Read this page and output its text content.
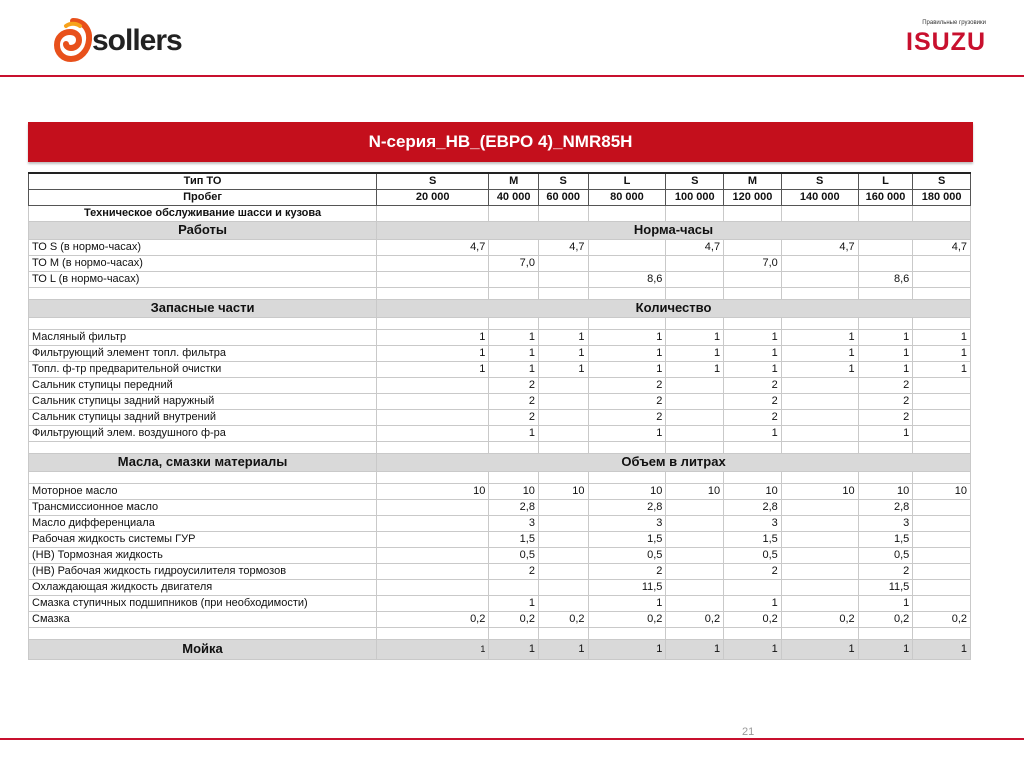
sollers
Правильные грузовики
ISUZU
N-серия_HB_(ЕВРО 4)_NMR85H
Тип ТО	S	M	S	L	S	M	S	L	S
Пробег	20 000	40 000	60 000	80 000	100 000	120 000	140 000	160 000	180 000
Техническое обслуживание шасси и кузова									
Работы	Норма-часы								
ТО S (в нормо-часах)	4,7		4,7		4,7		4,7		4,7
ТО M (в нормо-часах)		7,0				7,0			
ТО L (в нормо-часах)				8,6				8,6	

Запасные части	Количество								

Масляный фильтр	1	1	1	1	1	1	1	1	1
Фильтрующий элемент топл. фильтра	1	1	1	1	1	1	1	1	1
Топл. ф-тр предварительной очистки	1	1	1	1	1	1	1	1	1
Сальник ступицы передний		2		2		2		2	
Сальник ступицы задний наружный		2		2		2		2	
Сальник ступицы задний внутрений		2		2		2		2	
Фильтрующий элем. воздушного ф-ра		1		1		1		1	

Масла, смазки материалы	Объем в литрах								

Моторное масло	10	10	10	10	10	10	10	10	10
Трансмиссионное масло		2,8		2,8		2,8		2,8	
Масло дифференциала		3		3		3		3	
Рабочая жидкость системы ГУР		1,5		1,5		1,5		1,5	
(НВ) Тормозная жидкость		0,5		0,5		0,5		0,5	
(НВ) Рабочая жидкость гидроусилителя тормозов		2		2		2		2	
Охлаждающая жидкость двигателя				11,5				11,5	
Смазка ступичных подшипников (при необходимости)		1		1		1		1	
Смазка	0,2	0,2	0,2	0,2	0,2	0,2	0,2	0,2	0,2

Мойка	1	1	1	1	1	1	1	1	1
21
